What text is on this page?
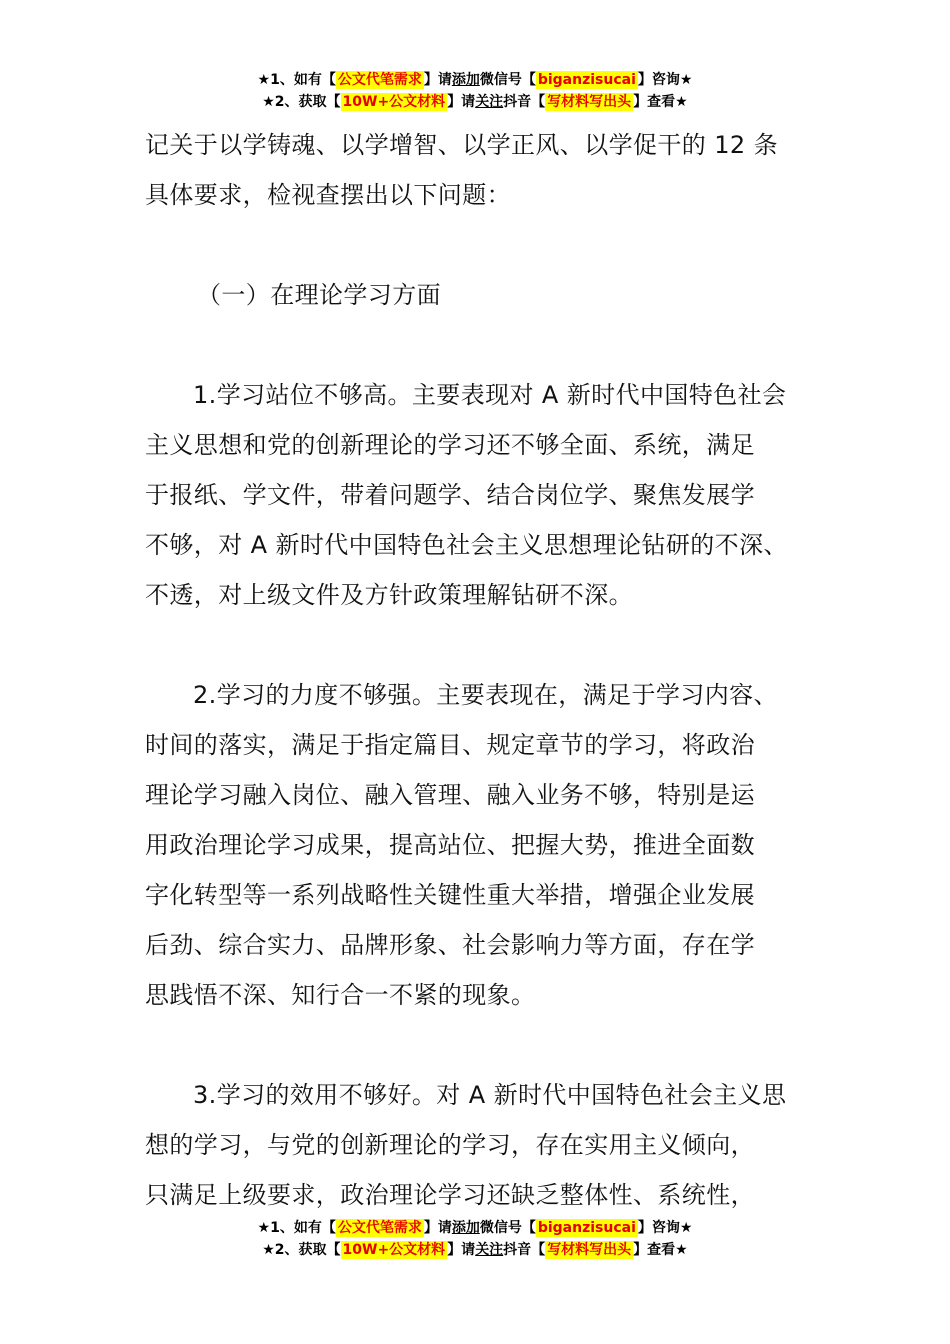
★1、如有【 公文代笔需求 】请添加微信号【 biganzisucai 】咨询★
★2、获取【 10W+公文材料 】请关注抖音【 写材料写出头 】查看★

记关于以学铸魂、以学增智、以学正风、以学促干的 12 条

具体要求，检视查摆出以下问题：

（一）在理论学习方面

1.学习站位不够高。主要表现对 A 新时代中国特色社会

主义思想和党的创新理论的学习还不够全面、系统，满足

于报纸、学文件，带着问题学、结合岗位学、聚焦发展学

不够，对 A 新时代中国特色社会主义思想理论钻研的不深、

不透，对上级文件及方针政策理解钻研不深。

2.学习的力度不够强。主要表现在，满足于学习内容、

时间的落实，满足于指定篇目、规定章节的学习，将政治

理论学习融入岗位、融入管理、融入业务不够，特别是运

用政治理论学习成果，提高站位、把握大势，推进全面数

字化转型等一系列战略性关键性重大举措，增强企业发展

后劲、综合实力、品牌形象、社会影响力等方面，存在学

思践悟不深、知行合一不紧的现象。

3.学习的效用不够好。对 A 新时代中国特色社会主义思

想的学习，与党的创新理论的学习，存在实用主义倾向，

只满足上级要求，政治理论学习还缺乏整体性、系统性，

★1、如有【 公文代笔需求 】请添加微信号【 biganzisucai 】咨询★
★2、获取【 10W+公文材料 】请关注抖音【 写材料写出头 】查看★
